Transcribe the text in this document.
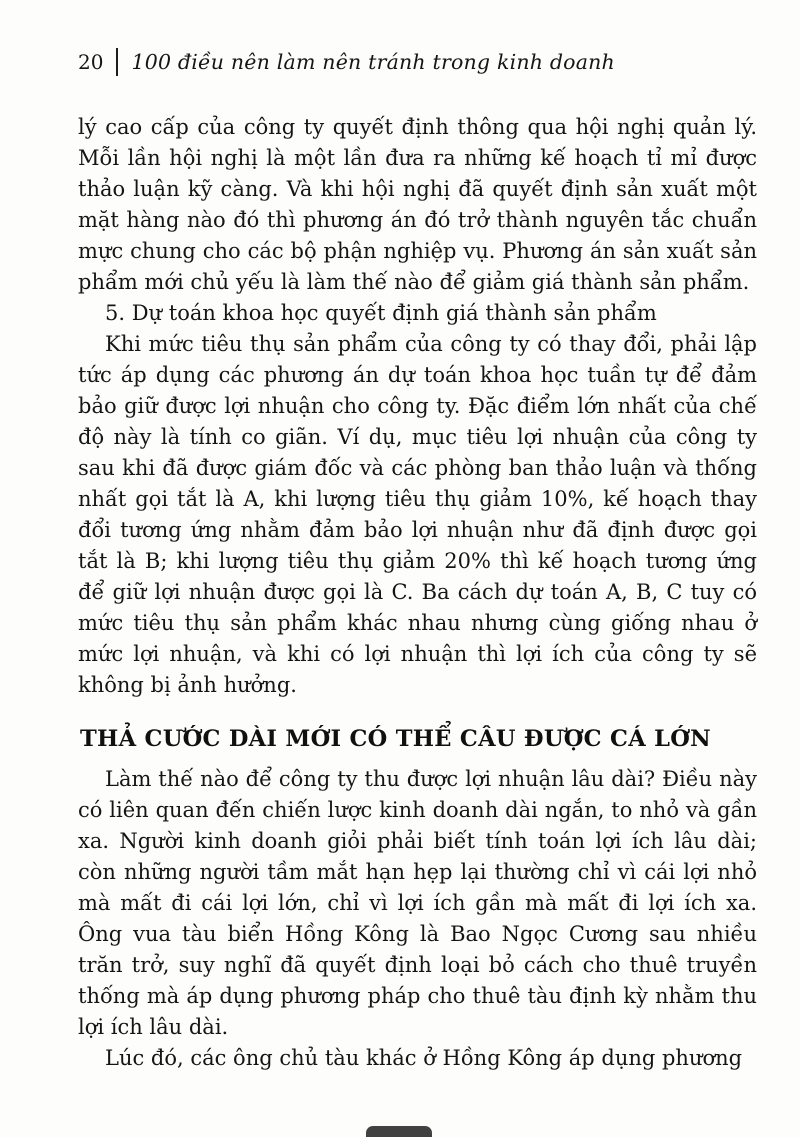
20 100 điều nên làm nên tránh trong kinh doanh

lý cao cấp của công ty quyết định thông qua hội nghị quản lý. Mỗi lần hội nghị là một lần đưa ra những kế hoạch tỉ mỉ được thảo luận kỹ càng. Và khi hội nghị đã quyết định sản xuất một mặt hàng nào đó thì phương án đó trở thành nguyên tắc chuẩn mực chung cho các bộ phận nghiệp vụ. Phương án sản xuất sản phẩm mới chủ yếu là làm thế nào để giảm giá thành sản phẩm.

5. Dự toán khoa học quyết định giá thành sản phẩm

Khi mức tiêu thụ sản phẩm của công ty có thay đổi, phải lập tức áp dụng các phương án dự toán khoa học tuần tự để đảm bảo giữ được lợi nhuận cho công ty. Đặc điểm lớn nhất của chế độ này là tính co giãn. Ví dụ, mục tiêu lợi nhuận của công ty sau khi đã được giám đốc và các phòng ban thảo luận và thống nhất gọi tắt là A, khi lượng tiêu thụ giảm 10%, kế hoạch thay đổi tương ứng nhằm đảm bảo lợi nhuận như đã định được gọi tắt là B; khi lượng tiêu thụ giảm 20% thì kế hoạch tương ứng để giữ lợi nhuận được gọi là C. Ba cách dự toán A, B, C tuy có mức tiêu thụ sản phẩm khác nhau nhưng cùng giống nhau ở mức lợi nhuận, và khi có lợi nhuận thì lợi ích của công ty sẽ không bị ảnh hưởng.

THẢ CƯỚC DÀI MỚI CÓ THỂ CÂU ĐƯỢC CÁ LỚN

Làm thế nào để công ty thu được lợi nhuận lâu dài? Điều này có liên quan đến chiến lược kinh doanh dài ngắn, to nhỏ và gần xa. Người kinh doanh giỏi phải biết tính toán lợi ích lâu dài; còn những người tầm mắt hạn hẹp lại thường chỉ vì cái lợi nhỏ mà mất đi cái lợi lớn, chỉ vì lợi ích gần mà mất đi lợi ích xa. Ông vua tàu biển Hồng Kông là Bao Ngọc Cương sau nhiều trăn trở, suy nghĩ đã quyết định loại bỏ cách cho thuê truyền thống mà áp dụng phương pháp cho thuê tàu định kỳ nhằm thu lợi ích lâu dài.

Lúc đó, các ông chủ tàu khác ở Hồng Kông áp dụng phương
